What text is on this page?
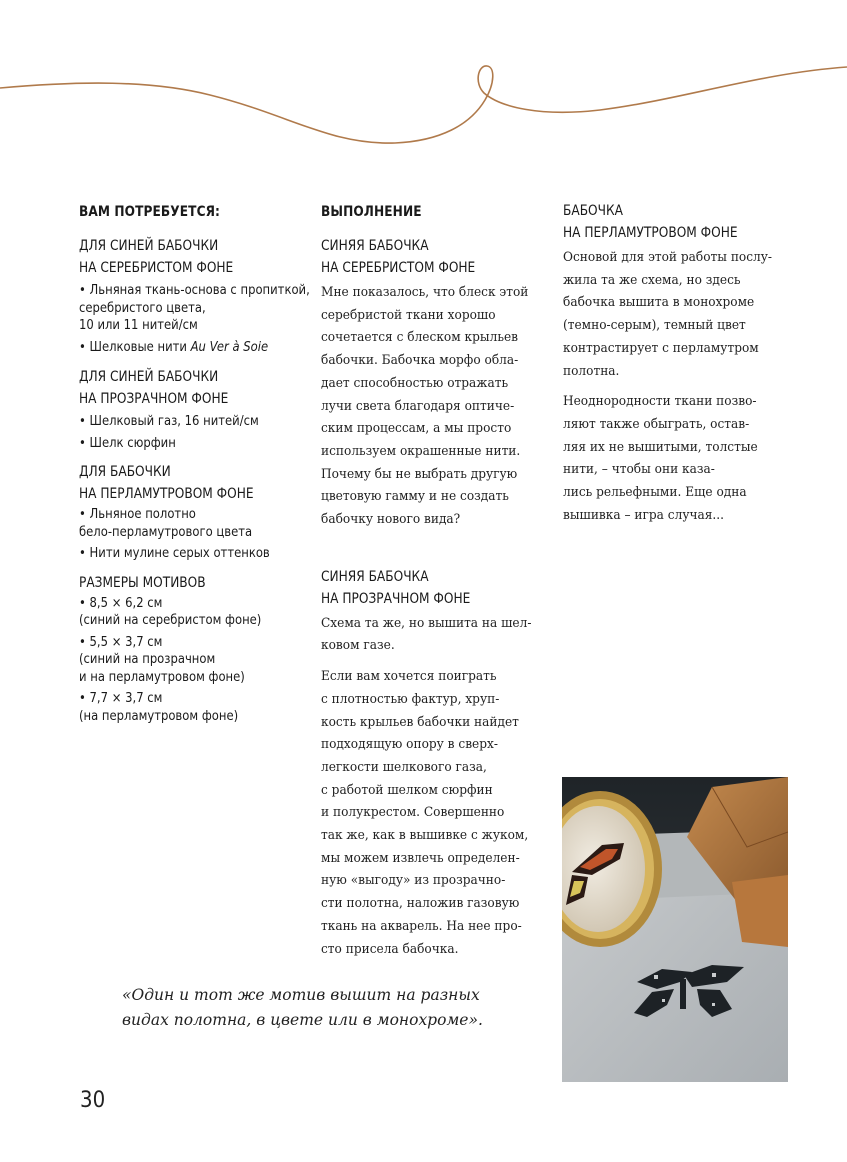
ВАМ ПОТРЕБУЕТСЯ:
ДЛЯ СИНЕЙ БАБОЧКИ
НА СЕРЕБРИСТОМ ФОНЕ
• Льняная ткань-основа с пропиткой,
серебристого цвета,
10 или 11 нитей/см
• Шелковые нити Au Ver à Soie
ДЛЯ СИНЕЙ БАБОЧКИ
НА ПРОЗРАЧНОМ ФОНЕ
• Шелковый газ, 16 нитей/см
• Шелк сюрфин
ДЛЯ БАБОЧКИ
НА ПЕРЛАМУТРОВОМ ФОНЕ
• Льняное полотно
бело-перламутрового цвета
• Нити мулине серых оттенков
РАЗМЕРЫ МОТИВОВ
• 8,5 × 6,2 см
(синий на серебристом фоне)
• 5,5 × 3,7 см
(синий на прозрачном
и на перламутровом фоне)
• 7,7 × 3,7 см
(на перламутровом фоне)
ВЫПОЛНЕНИЕ
СИНЯЯ БАБОЧКА
НА СЕРЕБРИСТОМ ФОНЕ
Мне показалось, что блеск этой
серебристой ткани хорошо
сочетается с блеском крыльев
бабочки. Бабочка морфо обла-
дает способностью отражать
лучи света благодаря оптиче-
ским процессам, а мы просто
используем окрашенные нити.
Почему бы не выбрать другую
цветовую гамму и не создать
бабочку нового вида?
СИНЯЯ БАБОЧКА
НА ПРОЗРАЧНОМ ФОНЕ
Схема та же, но вышита на шел-
ковом газе.
Если вам хочется поиграть
с плотностью фактур, хруп-
кость крыльев бабочки найдет
подходящую опору в сверх-
легкости шелкового газа,
с работой шелком сюрфин
и полукрестом. Совершенно
так же, как в вышивке с жуком,
мы можем извлечь определен-
ную «выгоду» из прозрачно-
сти полотна, наложив газовую
ткань на акварель. На нее про-
сто присела бабочка.
БАБОЧКА
НА ПЕРЛАМУТРОВОМ ФОНЕ
Основой для этой работы послу-
жила та же схема, но здесь
бабочка вышита в монохроме
(темно-серым), темный цвет
контрастирует с перламутром
полотна.
Неоднородности ткани позво-
ляют также обыграть, остав-
ляя их не вышитыми, толстые
нити, – чтобы они каза-
лись рельефными. Еще одна
вышивка – игра случая...
«Один и тот же мотив вышит на разных
видах полотна, в цвете или в монохроме».
30
